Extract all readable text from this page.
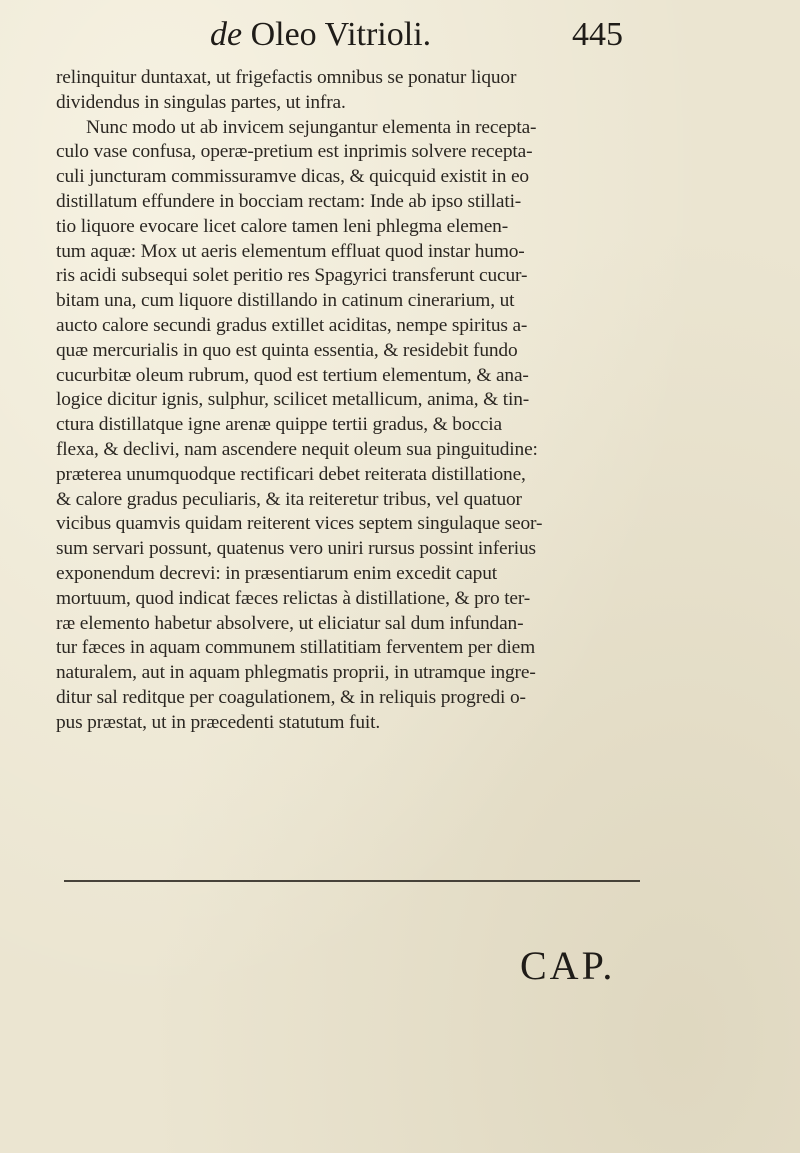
de Oleo Vitrioli.	445
relinquitur duntaxat, ut frigefactis omnibus se ponatur liquor
dividendus in singulas partes, ut infra.
Nunc modo ut ab invicem sejungantur elementa in recepta-
culo vase confusa, operæ-pretium est inprimis solvere recepta-
culi juncturam commissuramve dicas, & quicquid existit in eo
distillatum effundere in bocciam rectam: Inde ab ipso stillati-
tio liquore evocare licet calore tamen leni phlegma elemen-
tum aquæ: Mox ut aeris elementum effluat quod instar humo-
ris acidi subsequi solet peritio res Spagyrici transferunt cucur-
bitam una, cum liquore distillando in catinum cinerarium, ut
aucto calore secundi gradus extillet aciditas, nempe spiritus a-
quæ mercurialis in quo est quinta essentia, & residebit fundo
cucurbitæ oleum rubrum, quod est tertium elementum, & ana-
logice dicitur ignis, sulphur, scilicet metallicum, anima, & tin-
ctura distillatque igne arenæ quippe tertii gradus, & boccia
flexa, & declivi, nam ascendere nequit oleum sua pinguitudine:
præterea unumquodque rectificari debet reiterata distillatione,
& calore gradus peculiaris, & ita reiteretur tribus, vel quatuor
vicibus quamvis quidam reiterent vices septem singulaque seor-
sum servari possunt, quatenus vero uniri rursus possint inferius
exponendum decrevi: in præsentiarum enim excedit caput
mortuum, quod indicat fæces relictas à distillatione, & pro ter-
ræ elemento habetur absolvere, ut eliciatur sal dum infundan-
tur fæces in aquam communem stillatitiam ferventem per diem
naturalem, aut in aquam phlegmatis proprii, in utramque ingre-
ditur sal reditque per coagulationem, & in reliquis progredi o-
pus præstat, ut in præcedenti statutum fuit.
CAP.
